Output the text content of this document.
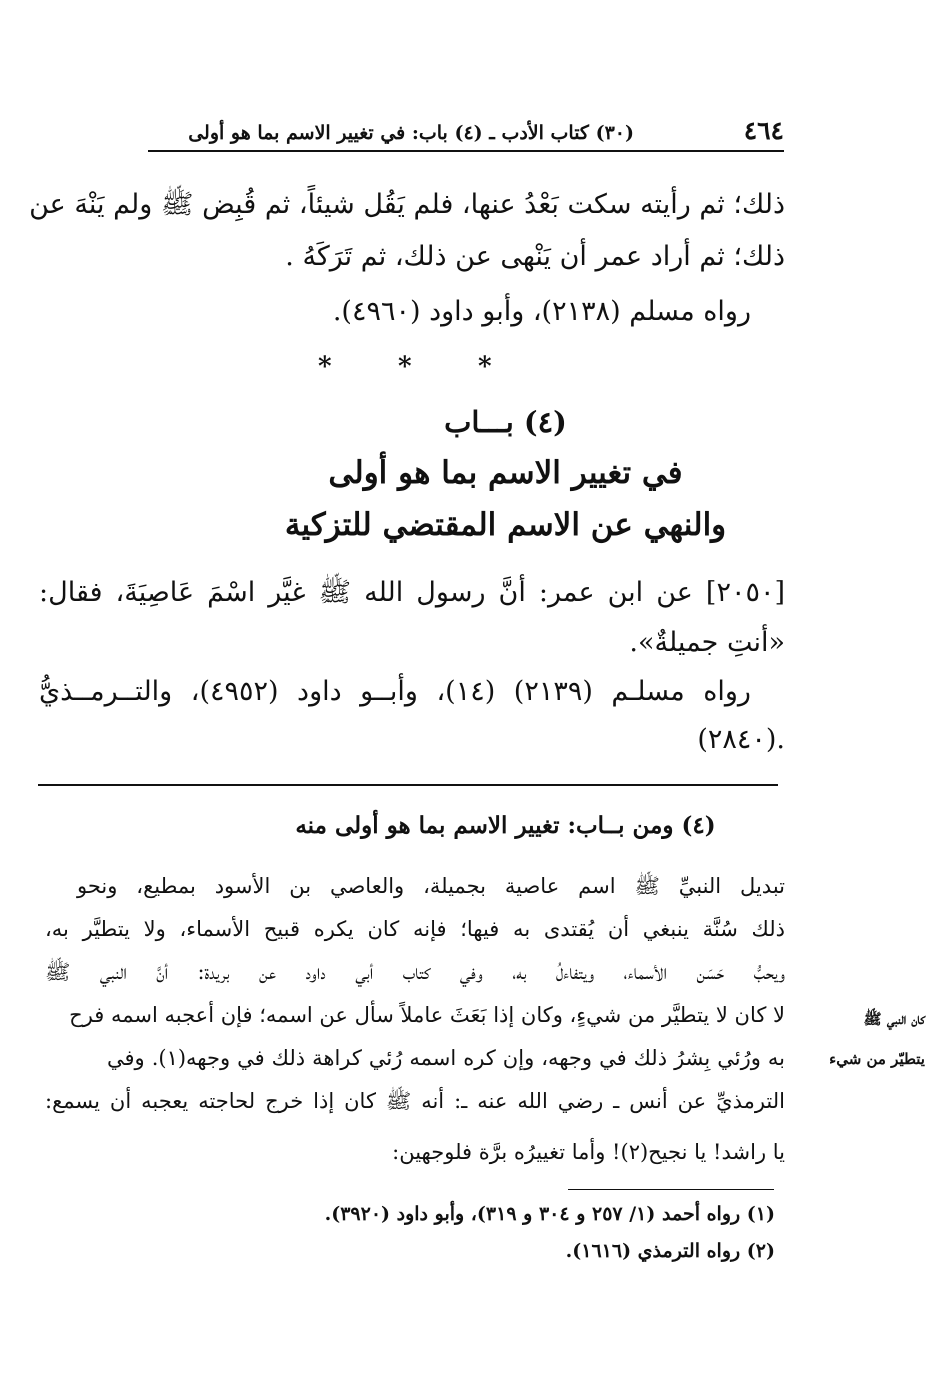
٤٦٤
(٣٠) كتاب الأدب ـ (٤) باب: في تغيير الاسم بما هو أولى
ذلك؛ ثم رأيته سكت بَعْدُ عنها، فلم يَقُل شيئاً، ثم قُبِض ﷺ ولم يَنْهَ عن
ذلك؛ ثم أراد عمر أن يَنْهى عن ذلك، ثم تَرَكَهُ .
رواه مسلم (٢١٣٨)، وأبو داود (٤٩٦٠).
*
*
*
(٤) بـــاب
في تغيير الاسم بما هو أولى
والنهي عن الاسم المقتضي للتزكية
[٢٠٥٠] عن ابن عمر: أنَّ رسول الله ﷺ غيَّر اسْمَ عَاصِيَةَ، فقال:
«أنتِ جميلةٌ».
رواه مسلـم (٢١٣٩) (١٤)، وأبــو داود (٤٩٥٢)، والتــرمــذيُّ
(٢٨٤٠).
(٤) ومن بــاب: تغيير الاسم بما هو أولى منه
تبديل النبيِّ ﷺ اسم عاصية بجميلة، والعاصي بن الأسود بمطيع، ونحو
ذلك سُنَّة ينبغي أن يُقتدى به فيها؛ فإنه كان يكره قبيح الأسماء، ولا يتطيَّر به،
ويحبُّ حَسَن الأسماء، ويتفاءلُ به، وفي كتاب أبي داود عن بريدة: أنَّ النبي ﷺ
لا كان لا يتطيَّر من شيءٍ، وكان إذا بَعَثَ عاملاً سأل عن اسمه؛ فإن أعجبه اسمه فرح
به ورُئي بِشرُ ذلك في وجهه، وإن كره اسمه رُئي كراهة ذلك في وجهه(١). وفي
الترمذيِّ عن أنس ـ رضي الله عنه ـ: أنه ﷺ كان إذا خرج لحاجته يعجبه أن يسمع:
يا راشد! يا نجيح(٢)! وأما تغييرُه برَّة فلوجهين:
كان النبي ﷺ
يتطيّر من شيء
(١) رواه أحمد (١/ ٢٥٧ و ٣٠٤ و ٣١٩)، وأبو داود (٣٩٢٠).
(٢) رواه الترمذي (١٦١٦).
